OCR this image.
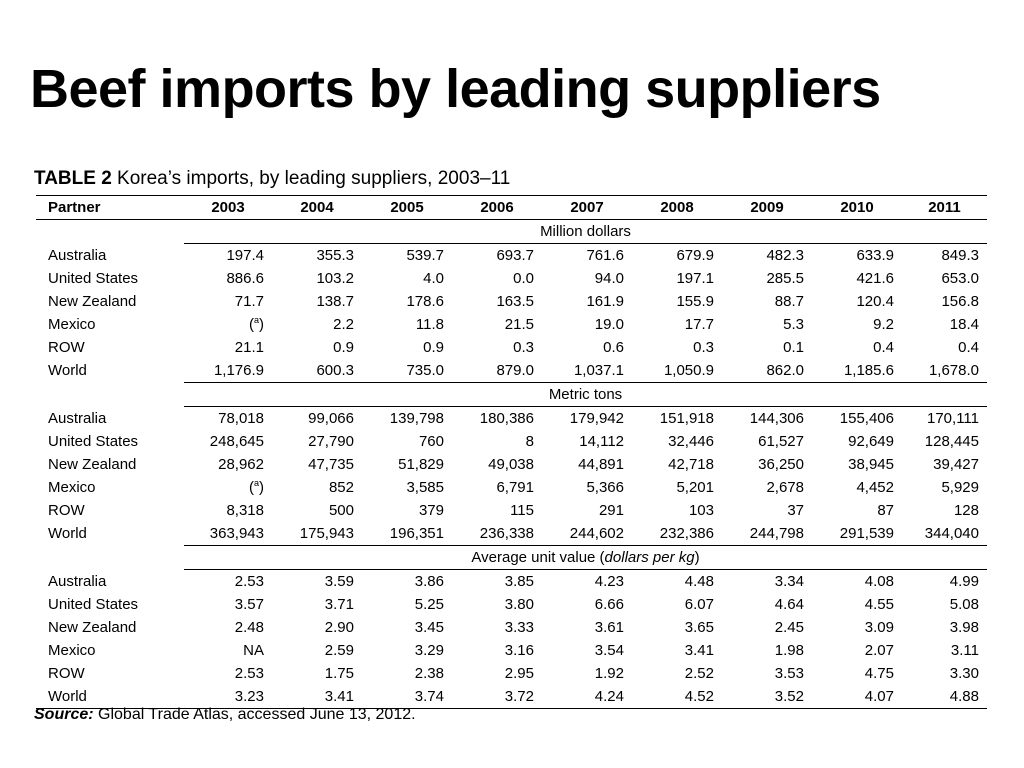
Beef imports by leading suppliers
TABLE 2 Korea’s imports, by leading suppliers, 2003–11
Partner	2003	2004	2005	2006	2007	2008	2009	2010	2011
	Million dollars								
Australia	197.4	355.3	539.7	693.7	761.6	679.9	482.3	633.9	849.3
United States	886.6	103.2	4.0	0.0	94.0	197.1	285.5	421.6	653.0
New Zealand	71.7	138.7	178.6	163.5	161.9	155.9	88.7	120.4	156.8
Mexico	($^a$)	2.2	11.8	21.5	19.0	17.7	5.3	9.2	18.4
ROW	21.1	0.9	0.9	0.3	0.6	0.3	0.1	0.4	0.4
World	1,176.9	600.3	735.0	879.0	1,037.1	1,050.9	862.0	1,185.6	1,678.0
	Metric tons								
Australia	78,018	99,066	139,798	180,386	179,942	151,918	144,306	155,406	170,111
United States	248,645	27,790	760	8	14,112	32,446	61,527	92,649	128,445
New Zealand	28,962	47,735	51,829	49,038	44,891	42,718	36,250	38,945	39,427
Mexico	($^a$)	852	3,585	6,791	5,366	5,201	2,678	4,452	5,929
ROW	8,318	500	379	115	291	103	37	87	128
World	363,943	175,943	196,351	236,338	244,602	232,386	244,798	291,539	344,040
	Average unit value (dollars per kg)								
Australia	2.53	3.59	3.86	3.85	4.23	4.48	3.34	4.08	4.99
United States	3.57	3.71	5.25	3.80	6.66	6.07	4.64	4.55	5.08
New Zealand	2.48	2.90	3.45	3.33	3.61	3.65	2.45	3.09	3.98
Mexico	NA	2.59	3.29	3.16	3.54	3.41	1.98	2.07	3.11
ROW	2.53	1.75	2.38	2.95	1.92	2.52	3.53	4.75	3.30
World	3.23	3.41	3.74	3.72	4.24	4.52	3.52	4.07	4.88
Source: Global Trade Atlas, accessed June 13, 2012.
